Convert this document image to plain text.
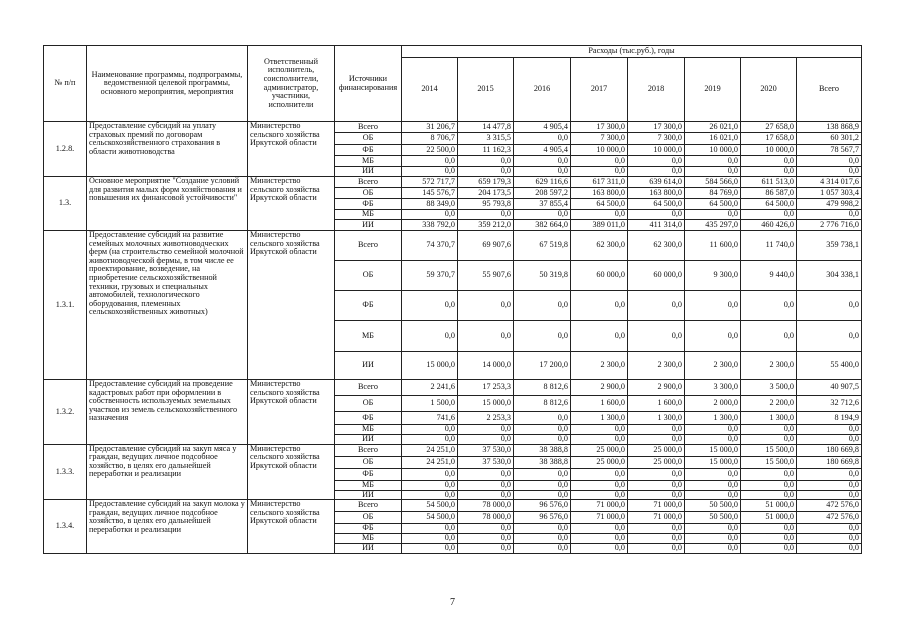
№ п/п	Наименование программы, подпрограммы, ведомственной целевой программы, основного мероприятия, мероприятия	Ответственный исполнитель, соисполнители, администратор, участники, исполнители	Источники финансирования	Расходы (тыс.руб.), годы							
				2014	2015	2016	2017	2018	2019	2020	Всего
1.2.8.	Предоставление субсидий на уплату страховых премий по договорам сельскохозяйственного страхования в области животноводства	Министерство сельского хозяйства Иркутской области	Всего	31 206,7	14 477,8	4 905,4	17 300,0	17 300,0	26 021,0	27 658,0	138 868,9
			ОБ	8 706,7	3 315,5	0,0	7 300,0	7 300,0	16 021,0	17 658,0	60 301,2
			ФБ	22 500,0	11 162,3	4 905,4	10 000,0	10 000,0	10 000,0	10 000,0	78 567,7
			МБ	0,0	0,0	0,0	0,0	0,0	0,0	0,0	0,0
			ИИ	0,0	0,0	0,0	0,0	0,0	0,0	0,0	0,0
1.3.	Основное мероприятие "Создание условий для развития малых форм хозяйствования и повышения их финансовой устойчивости"	Министерство сельского хозяйства Иркутской области	Всего	572 717,7	659 179,3	629 116,6	617 311,0	639 614,0	584 566,0	611 513,0	4 314 017,6
			ОБ	145 576,7	204 173,5	208 597,2	163 800,0	163 800,0	84 769,0	86 587,0	1 057 303,4
			ФБ	88 349,0	95 793,8	37 855,4	64 500,0	64 500,0	64 500,0	64 500,0	479 998,2
			МБ	0,0	0,0	0,0	0,0	0,0	0,0	0,0	0,0
			ИИ	338 792,0	359 212,0	382 664,0	389 011,0	411 314,0	435 297,0	460 426,0	2 776 716,0
1.3.1.	Предоставление субсидий на развитие семейных молочных животноводческих ферм (на строительство семейной молочной животноводческой фермы, в том числе ее проектирование, возведение, на приобретение сельскохозяйственной техники, грузовых и специальных автомобилей, технологического оборудования, племенных сельскохозяйственных животных)	Министерство сельского хозяйства Иркутской области	Всего	74 370,7	69 907,6	67 519,8	62 300,0	62 300,0	11 600,0	11 740,0	359 738,1
			ОБ	59 370,7	55 907,6	50 319,8	60 000,0	60 000,0	9 300,0	9 440,0	304 338,1
			ФБ	0,0	0,0	0,0	0,0	0,0	0,0	0,0	0,0
			МБ	0,0	0,0	0,0	0,0	0,0	0,0	0,0	0,0
			ИИ	15 000,0	14 000,0	17 200,0	2 300,0	2 300,0	2 300,0	2 300,0	55 400,0
1.3.2.	Предоставление субсидий на проведение кадастровых работ при оформлении в собственность используемых земельных участков из земель сельскохозяйственного назначения	Министерство сельского хозяйства Иркутской области	Всего	2 241,6	17 253,3	8 812,6	2 900,0	2 900,0	3 300,0	3 500,0	40 907,5
			ОБ	1 500,0	15 000,0	8 812,6	1 600,0	1 600,0	2 000,0	2 200,0	32 712,6
			ФБ	741,6	2 253,3	0,0	1 300,0	1 300,0	1 300,0	1 300,0	8 194,9
			МБ	0,0	0,0	0,0	0,0	0,0	0,0	0,0	0,0
			ИИ	0,0	0,0	0,0	0,0	0,0	0,0	0,0	0,0
1.3.3.	Предоставление субсидий на закуп мяса у граждан, ведущих личное подсобное хозяйство, в целях его дальнейшей переработки и реализации	Министерство сельского хозяйства Иркутской области	Всего	24 251,0	37 530,0	38 388,8	25 000,0	25 000,0	15 000,0	15 500,0	180 669,8
			ОБ	24 251,0	37 530,0	38 388,8	25 000,0	25 000,0	15 000,0	15 500,0	180 669,8
			ФБ	0,0	0,0	0,0	0,0	0,0	0,0	0,0	0,0
			МБ	0,0	0,0	0,0	0,0	0,0	0,0	0,0	0,0
			ИИ	0,0	0,0	0,0	0,0	0,0	0,0	0,0	0,0
1.3.4.	Предоставление субсидий на закуп молока у граждан, ведущих личное подсобное хозяйство, в целях его дальнейшей переработки и реализации	Министерство сельского хозяйства Иркутской области	Всего	54 500,0	78 000,0	96 576,0	71 000,0	71 000,0	50 500,0	51 000,0	472 576,0
			ОБ	54 500,0	78 000,0	96 576,0	71 000,0	71 000,0	50 500,0	51 000,0	472 576,0
			ФБ	0,0	0,0	0,0	0,0	0,0	0,0	0,0	0,0
			МБ	0,0	0,0	0,0	0,0	0,0	0,0	0,0	0,0
			ИИ	0,0	0,0	0,0	0,0	0,0	0,0	0,0	0,0
7
